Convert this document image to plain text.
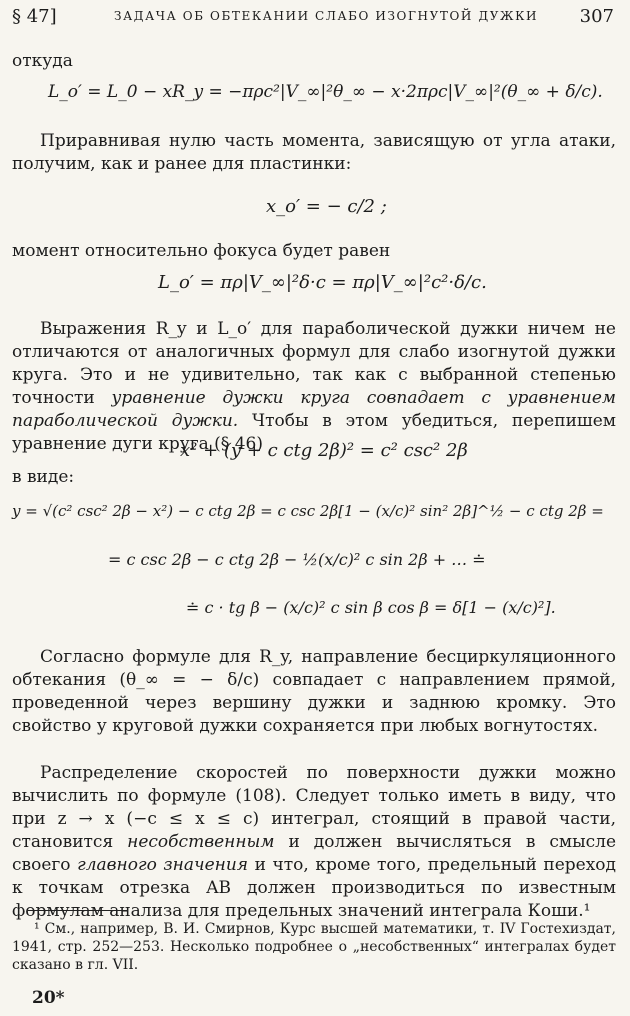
§ 47]	ЗАДАЧА ОБ ОБТЕКАНИИ СЛАБО ИЗОГНУТОЙ ДУЖКИ 307
откуда
L_o′ = L_0 − xR_y = −πρc²|V_∞|²θ_∞ − x·2πρc|V_∞|²(θ_∞ + δ/c).
Приравнивая нулю часть момента, зависящую от угла атаки, получим, как и ранее для пластинки:
x_o′ = − c/2 ;
момент относительно фокуса будет равен
L_o′ = πρ|V_∞|²δ·c = πρ|V_∞|²c²·δ/c.
Выражения R_y и L_o′ для параболической дужки ничем не отличаются от аналогичных формул для слабо изогнутой дужки круга. Это и не удивительно, так как с выбранной степенью точности уравнение дужки круга совпадает с уравнением параболической дужки. Чтобы в этом убедиться, перепишем уравнение дуги круга (§ 46)
x² + (y + c ctg 2β)² = c² csc² 2β
в виде:
y = √(c² csc² 2β − x²) − c ctg 2β = c csc 2β[1 − (x/c)² sin² 2β]^½ − c ctg 2β =
= c csc 2β − c ctg 2β − ½(x/c)² c sin 2β + … ≐
≐ c · tg β − (x/c)² c sin β cos β = δ[1 − (x/c)²].
Согласно формуле для R_y, направление бесциркуляционного обтекания (θ_∞ = − δ/c) совпадает с направлением прямой, проведенной через вершину дужки и заднюю кромку. Это свойство у круговой дужки сохраняется при любых вогнутостях.
Распределение скоростей по поверхности дужки можно вычислить по формуле (108). Следует только иметь в виду, что при z → x (−c ≤ x ≤ c) интеграл, стоящий в правой части, становится несобственным и должен вычисляться в смысле своего главного значения и что, кроме того, предельный переход к точкам отрезка AB должен производиться по известным формулам анализа для предельных значений интеграла Коши.¹
¹ См., например, В. И. Смирнов, Курс высшей математики, т. IV Гостехиздат, 1941, стр. 252—253. Несколько подробнее о „несобственных“ интегралах будет сказано в гл. VII.
20*
